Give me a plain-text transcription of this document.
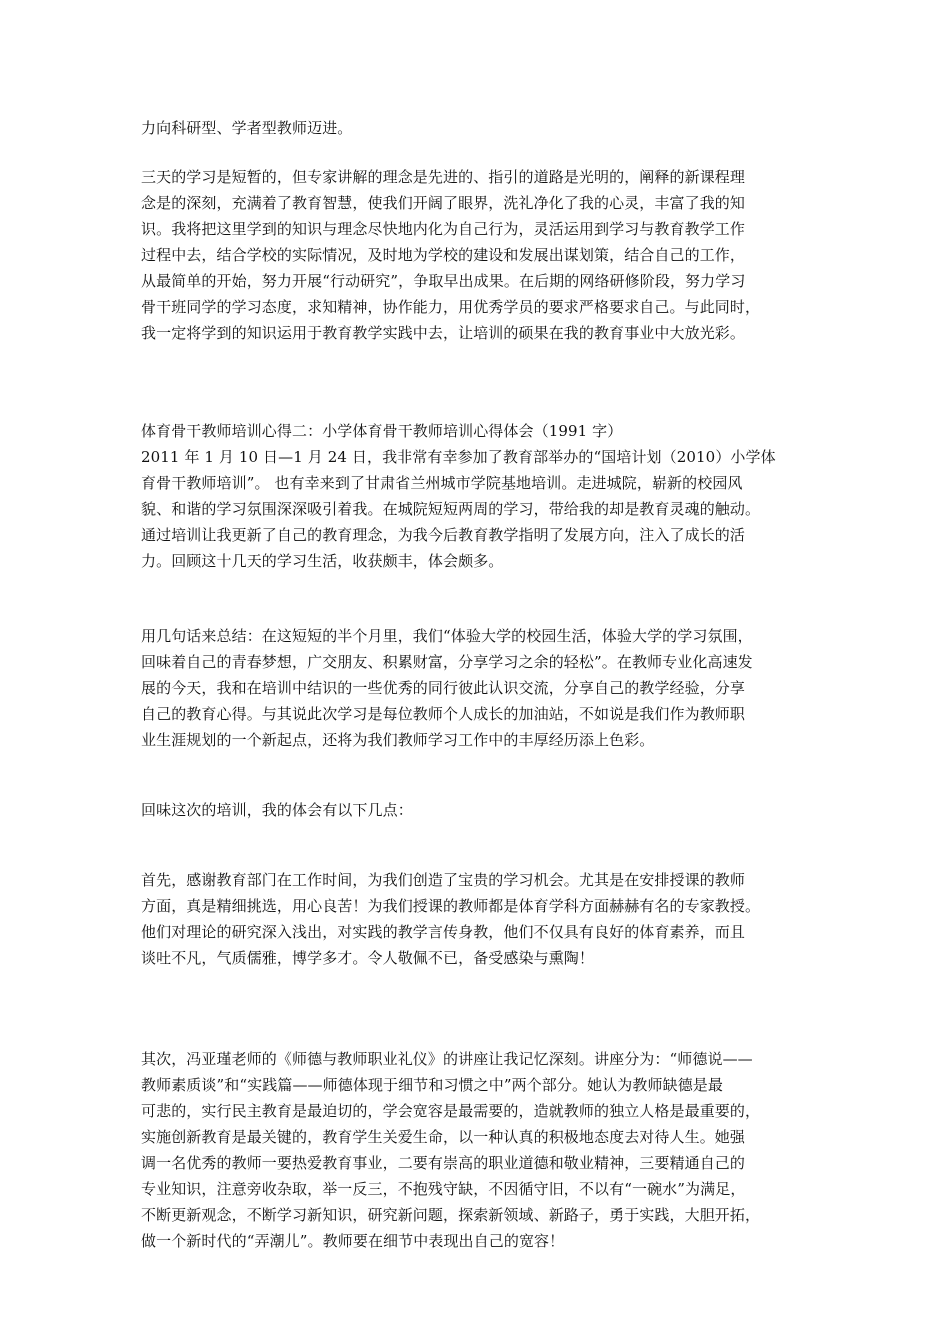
力向科研型、学者型教师迈进。
三天的学习是短暂的，但专家讲解的理念是先进的、指引的道路是光明的，阐释的新课程理
念是的深刻，充满着了教育智慧，使我们开阔了眼界，洗礼净化了我的心灵，丰富了我的知
识。我将把这里学到的知识与理念尽快地内化为自己行为，灵活运用到学习与教育教学工作
过程中去，结合学校的实际情况，及时地为学校的建设和发展出谋划策，结合自己的工作，
从最简单的开始，努力开展“行动研究”，争取早出成果。在后期的网络研修阶段，努力学习
骨干班同学的学习态度，求知精神，协作能力，用优秀学员的要求严格要求自己。与此同时，
我一定将学到的知识运用于教育教学实践中去，让培训的硕果在我的教育事业中大放光彩。
体育骨干教师培训心得二：小学体育骨干教师培训心得体会（1991 字）
2011 年 1 月 10 日—1 月 24 日，我非常有幸参加了教育部举办的“国培计划（2010）小学体
育骨干教师培训”。 也有幸来到了甘肃省兰州城市学院基地培训。走进城院，崭新的校园风
貌、和谐的学习氛围深深吸引着我。在城院短短两周的学习，带给我的却是教育灵魂的触动。
通过培训让我更新了自己的教育理念，为我今后教育教学指明了发展方向，注入了成长的活
力。回顾这十几天的学习生活，收获颇丰，体会颇多。
用几句话来总结：在这短短的半个月里，我们“体验大学的校园生活，体验大学的学习氛围，
回味着自己的青春梦想，广交朋友、积累财富，分享学习之余的轻松”。在教师专业化高速发
展的今天，我和在培训中结识的一些优秀的同行彼此认识交流，分享自己的教学经验，分享
自己的教育心得。与其说此次学习是每位教师个人成长的加油站，不如说是我们作为教师职
业生涯规划的一个新起点，还将为我们教师学习工作中的丰厚经历添上色彩。
回味这次的培训，我的体会有以下几点：
首先，感谢教育部门在工作时间，为我们创造了宝贵的学习机会。尤其是在安排授课的教师
方面，真是精细挑选，用心良苦！为我们授课的教师都是体育学科方面赫赫有名的专家教授。
他们对理论的研究深入浅出，对实践的教学言传身教，他们不仅具有良好的体育素养，而且
谈吐不凡，气质儒雅，博学多才。令人敬佩不已，备受感染与熏陶！
其次，冯亚瑾老师的《师德与教师职业礼仪》的讲座让我记忆深刻。讲座分为：“师德说——
教师素质谈”和“实践篇——师德体现于细节和习惯之中”两个部分。她认为教师缺德是最
可悲的，实行民主教育是最迫切的，学会宽容是最需要的，造就教师的独立人格是最重要的，
实施创新教育是最关键的，教育学生关爱生命，以一种认真的积极地态度去对待人生。她强
调一名优秀的教师一要热爱教育事业，二要有崇高的职业道德和敬业精神，三要精通自己的
专业知识，注意旁收杂取，举一反三，不抱残守缺，不因循守旧，不以有“一碗水”为满足，
不断更新观念，不断学习新知识，研究新问题，探索新领域、新路子，勇于实践，大胆开拓，
做一个新时代的“弄潮儿”。教师要在细节中表现出自己的宽容！
